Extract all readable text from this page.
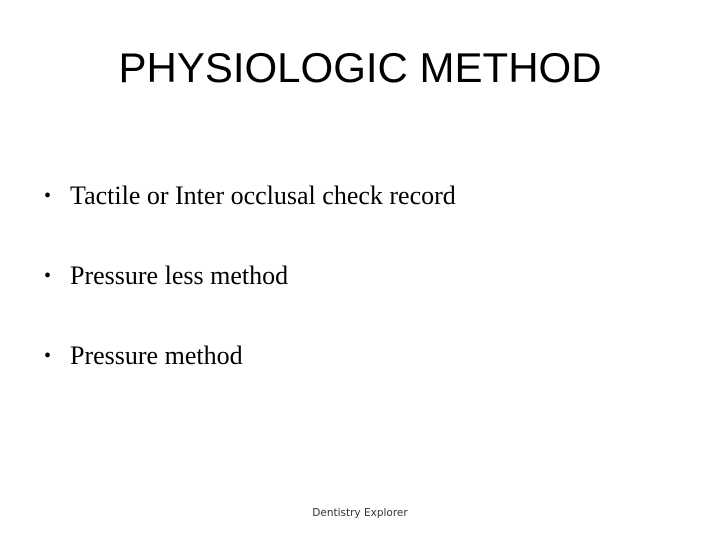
PHYSIOLOGIC METHOD
• Tactile or Inter occlusal check record
• Pressure less method
• Pressure method
Dentistry Explorer
